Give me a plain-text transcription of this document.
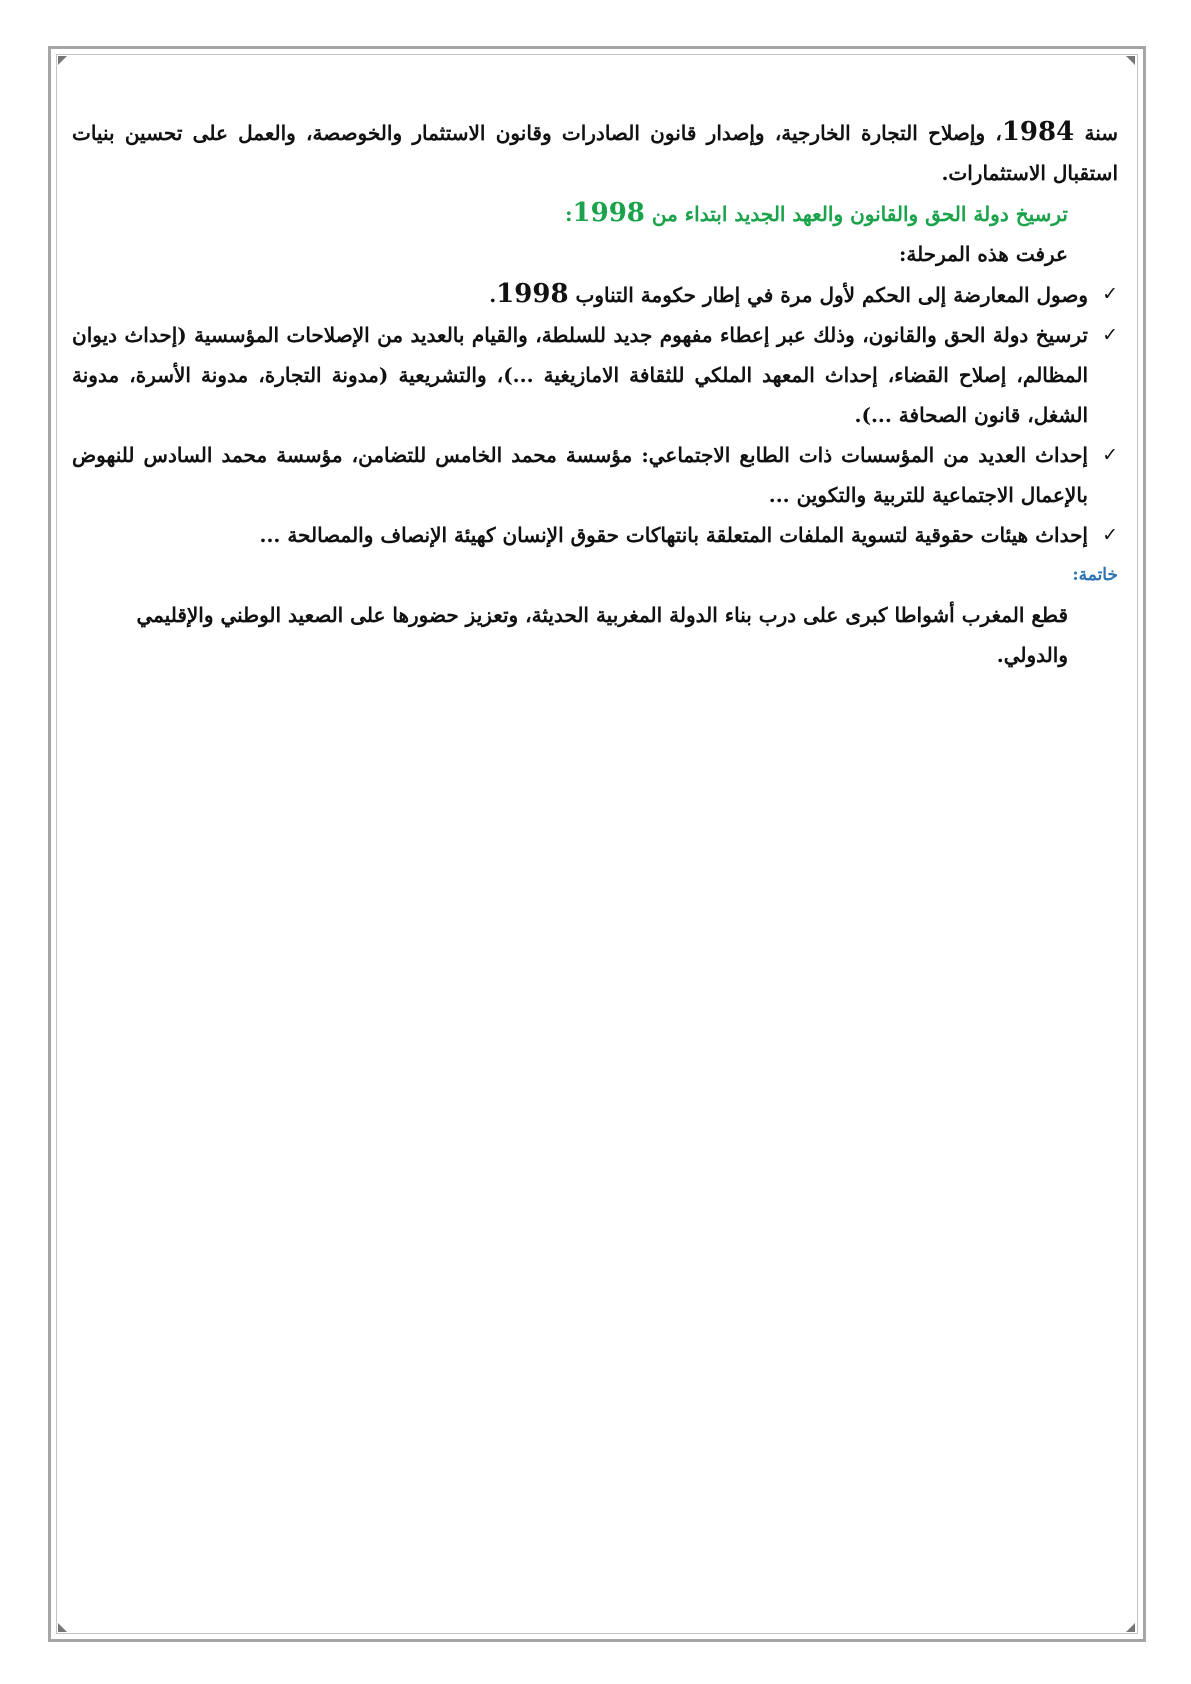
سنة 1984، وإصلاح التجارة الخارجية، وإصدار قانون الصادرات وقانون الاستثمار والخوصصة، والعمل على تحسين بنيات استقبال الاستثمارات.

ترسيخ دولة الحق والقانون والعهد الجديد ابتداء من 1998:

عرفت هذه المرحلة:

✓
وصول المعارضة إلى الحكم لأول مرة في إطار حكومة التناوب 1998.
✓
ترسيخ دولة الحق والقانون، وذلك عبر إعطاء مفهوم جديد للسلطة، والقيام بالعديد من الإصلاحات المؤسسية (إحداث ديوان المظالم، إصلاح القضاء، إحداث المعهد الملكي للثقافة الامازيغية ...)، والتشريعية (مدونة التجارة، مدونة الأسرة، مدونة الشغل، قانون الصحافة ...).
✓
إحداث العديد من المؤسسات ذات الطابع الاجتماعي: مؤسسة محمد الخامس للتضامن، مؤسسة محمد السادس للنهوض بالإعمال الاجتماعية للتربية والتكوين ...
✓
إحداث هيئات حقوقية لتسوية الملفات المتعلقة بانتهاكات حقوق الإنسان كهيئة الإنصاف والمصالحة ...

خاتمة:

قطع المغرب أشواطا كبرى على درب بناء الدولة المغربية الحديثة، وتعزيز حضورها على الصعيد الوطني والإقليمي والدولي.
